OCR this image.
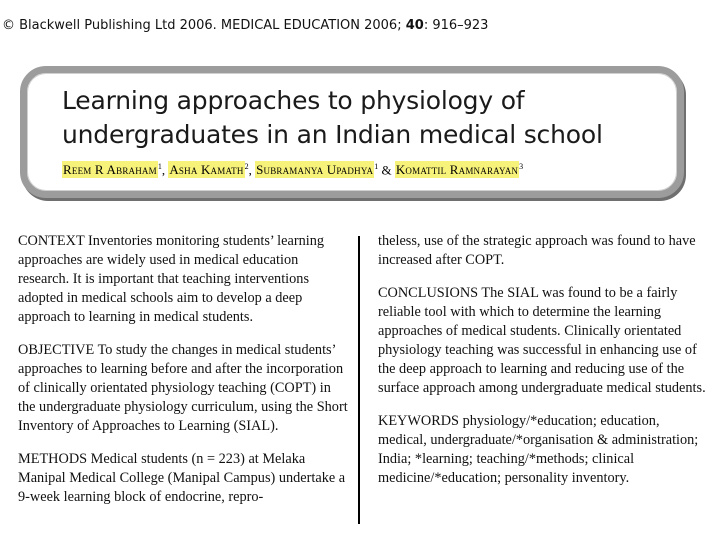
© Blackwell Publishing Ltd 2006. MEDICAL EDUCATION 2006; 40: 916–923
Learning approaches to physiology of
undergraduates in an Indian medical school
Reem R Abraham$^1$, Asha Kamath$^2$, Subramanya Upadhya$^1$ & Komattil Ramnarayan$^3$

CONTEXT Inventories monitoring students’ learning approaches are widely used in medical education research. It is important that teaching interventions adopted in medical schools aim to develop a deep approach to learning in medical students.

OBJECTIVE To study the changes in medical students’ approaches to learning before and after the incorporation of clinically orientated physiology teaching (COPT) in the undergraduate physiology curriculum, using the Short Inventory of Approaches to Learning (SIAL).

METHODS Medical students (n = 223) at Melaka Manipal Medical College (Manipal Campus) undertake a 9-week learning block of endocrine, repro-

theless, use of the strategic approach was found to have increased after COPT.

CONCLUSIONS The SIAL was found to be a fairly reliable tool with which to determine the learning approaches of medical students. Clinically orientated physiology teaching was successful in enhancing use of the deep approach to learning and reducing use of the surface approach among undergraduate medical students.

KEYWORDS physiology/*education; education, medical, undergraduate/*organisation & administration; India; *learning; teaching/*methods; clinical medicine/*education; personality inventory.
